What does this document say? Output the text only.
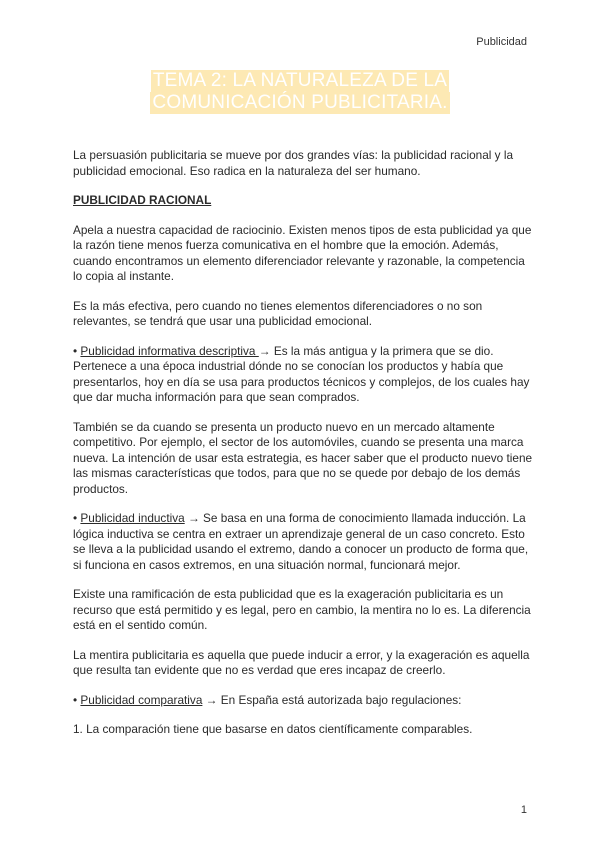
Publicidad
TEMA 2: LA NATURALEZA DE LA
COMUNICACIÓN PUBLICITARIA.

La persuasión publicitaria se mueve por dos grandes vías: la publicidad racional y la publicidad emocional. Eso radica en la naturaleza del ser humano.

PUBLICIDAD RACIONAL

Apela a nuestra capacidad de raciocinio. Existen menos tipos de esta publicidad ya que la razón tiene menos fuerza comunicativa en el hombre que la emoción. Además, cuando encontramos un elemento diferenciador relevante y razonable, la competencia lo copia al instante.

Es la más efectiva, pero cuando no tienes elementos diferenciadores o no son relevantes, se tendrá que usar una publicidad emocional.

• Publicidad informativa descriptiva → Es la más antigua y la primera que se dio. Pertenece a una época industrial dónde no se conocían los productos y había que presentarlos, hoy en día se usa para productos técnicos y complejos, de los cuales hay que dar mucha información para que sean comprados.

También se da cuando se presenta un producto nuevo en un mercado altamente competitivo. Por ejemplo, el sector de los automóviles, cuando se presenta una marca nueva. La intención de usar esta estrategia, es hacer saber que el producto nuevo tiene las mismas características que todos, para que no se quede por debajo de los demás productos.

• Publicidad inductiva → Se basa en una forma de conocimiento llamada inducción. La lógica inductiva se centra en extraer un aprendizaje general de un caso concreto. Esto se lleva a la publicidad usando el extremo, dando a conocer un producto de forma que, si funciona en casos extremos, en una situación normal, funcionará mejor.

Existe una ramificación de esta publicidad que es la exageración publicitaria es un recurso que está permitido y es legal, pero en cambio, la mentira no lo es. La diferencia está en el sentido común.

La mentira publicitaria es aquella que puede inducir a error, y la exageración es aquella que resulta tan evidente que no es verdad que eres incapaz de creerlo.

• Publicidad comparativa → En España está autorizada bajo regulaciones:

1. La comparación tiene que basarse en datos científicamente comparables.

1
